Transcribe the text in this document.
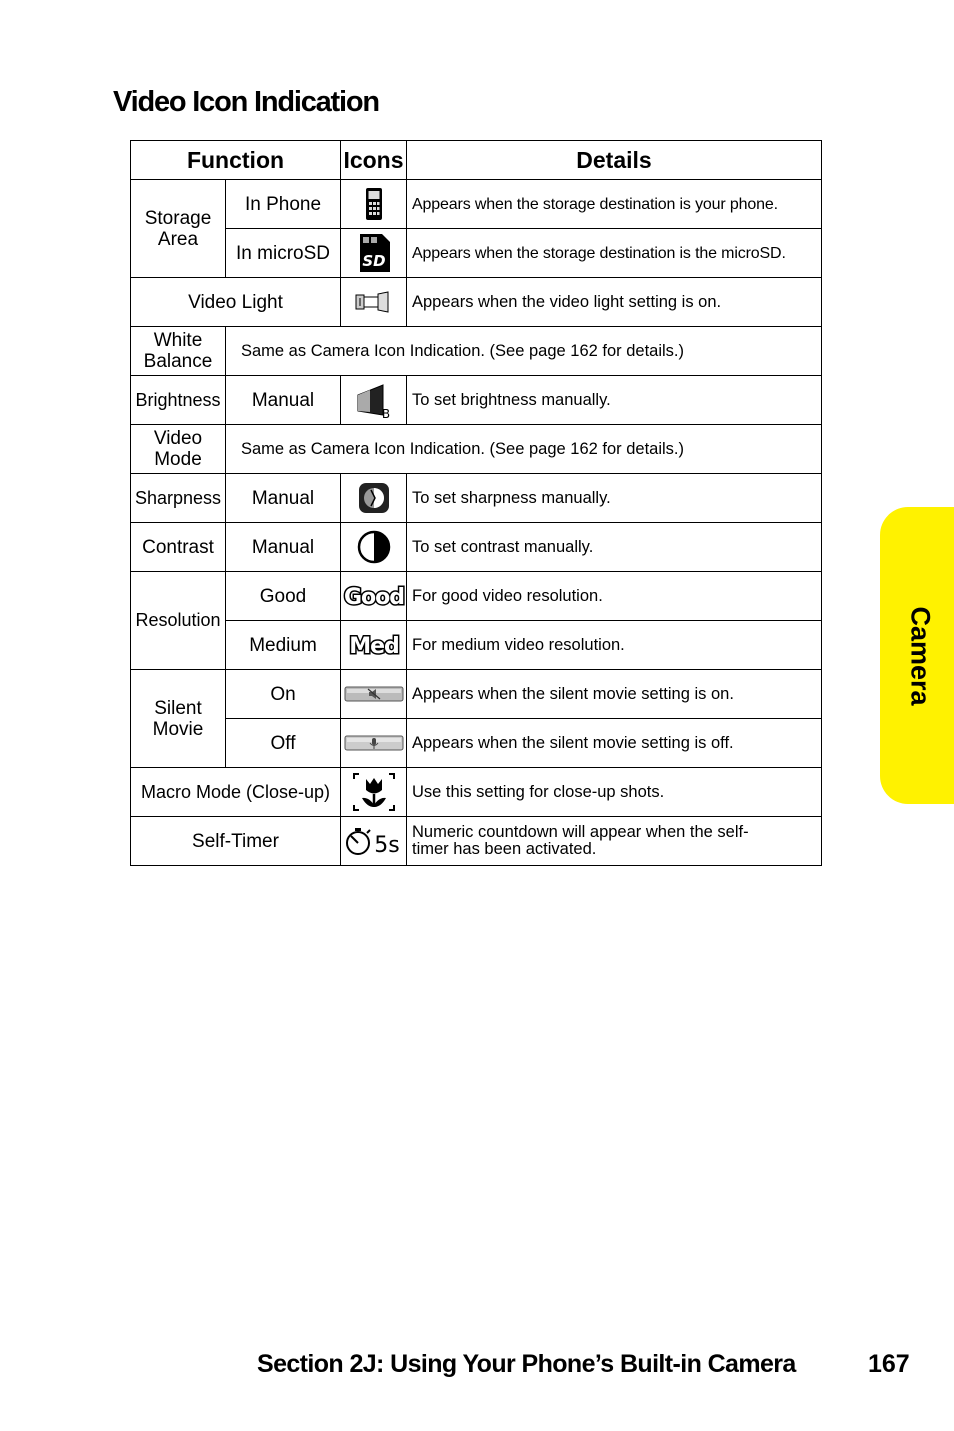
Video Icon Indication
Function		Icons	Details
Storage Area	In Phone		Appears when the storage destination is your phone.
	In microSD	SD	Appears when the storage destination is the microSD.
Video Light			Appears when the video light setting is on.
White Balance	Same as Camera Icon Indication. (See page 162 for details.)		
Brightness	Manual	B	To set brightness manually.
Video Mode	Same as Camera Icon Indication. (See page 162 for details.)		
Sharpness	Manual		To set sharpness manually.
Contrast	Manual		To set contrast manually.
Resolution	Good	Good	For good video resolution.
	Medium	Med	For medium video resolution.
Silent Movie	On		Appears when the silent movie setting is on.
	Off		Appears when the silent movie setting is off.
Macro Mode (Close-up)			Use this setting for close-up shots.
Self-Timer		5s	Numeric countdown will appear when the self-timer has been activated.
Camera
Section 2J: Using Your Phone’s Built-in Camera	167
